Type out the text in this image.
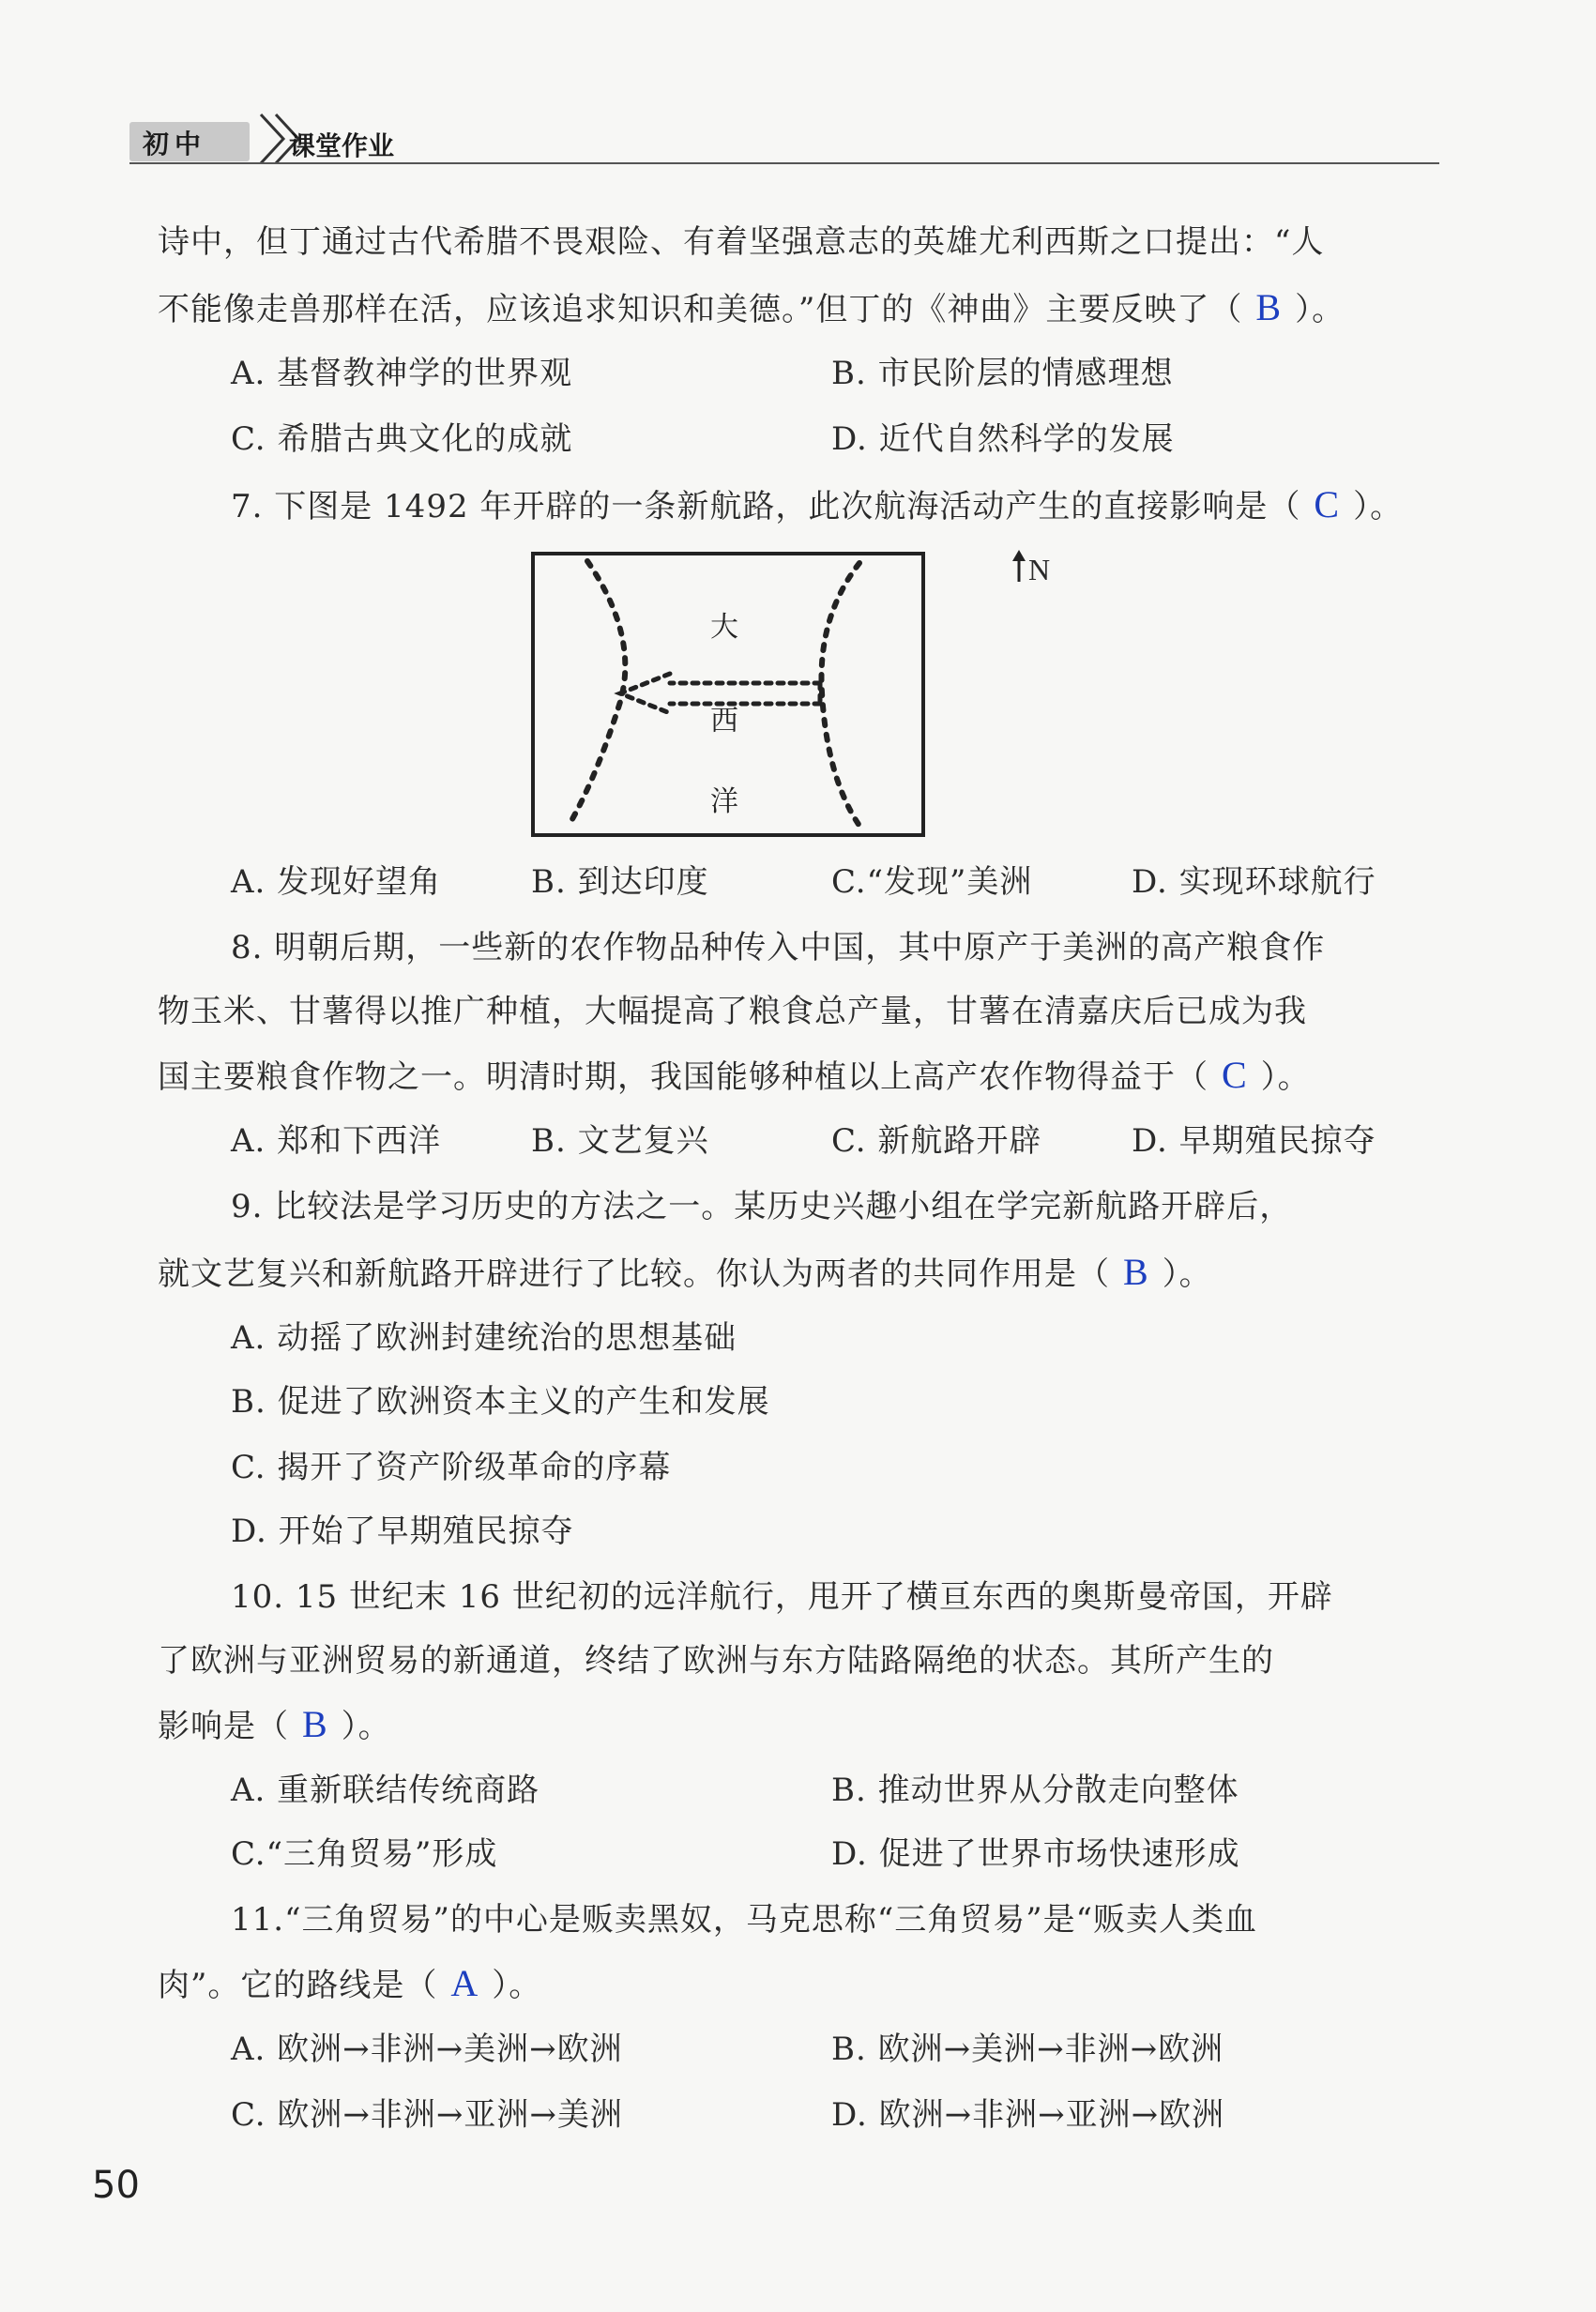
初中	课堂作业
诗中，但丁通过古代希腊不畏艰险、有着坚强意志的英雄尤利西斯之口提出：“人
不能像走兽那样在活，应该追求知识和美德。”但丁的《神曲》主要反映了（ B ）。
A. 基督教神学的世界观	B. 市民阶层的情感理想
C. 希腊古典文化的成就	D. 近代自然科学的发展
7. 下图是 1492 年开辟的一条新航路，此次航海活动产生的直接影响是（ C ）。
大
西
洋
N
A. 发现好望角	B. 到达印度	C.“发现”美洲	D. 实现环球航行
8. 明朝后期，一些新的农作物品种传入中国，其中原产于美洲的高产粮食作
物玉米、甘薯得以推广种植，大幅提高了粮食总产量，甘薯在清嘉庆后已成为我
国主要粮食作物之一。明清时期，我国能够种植以上高产农作物得益于（ C ）。
A. 郑和下西洋	B. 文艺复兴	C. 新航路开辟	D. 早期殖民掠夺
9. 比较法是学习历史的方法之一。某历史兴趣小组在学完新航路开辟后，
就文艺复兴和新航路开辟进行了比较。你认为两者的共同作用是（ B ）。
A. 动摇了欧洲封建统治的思想基础
B. 促进了欧洲资本主义的产生和发展
C. 揭开了资产阶级革命的序幕
D. 开始了早期殖民掠夺
10. 15 世纪末 16 世纪初的远洋航行，甩开了横亘东西的奥斯曼帝国，开辟
了欧洲与亚洲贸易的新通道，终结了欧洲与东方陆路隔绝的状态。其所产生的
影响是（ B ）。
A. 重新联结传统商路	B. 推动世界从分散走向整体
C.“三角贸易”形成	D. 促进了世界市场快速形成
11.“三角贸易”的中心是贩卖黑奴，马克思称“三角贸易”是“贩卖人类血
肉”。它的路线是（ A ）。
A. 欧洲→非洲→美洲→欧洲	B. 欧洲→美洲→非洲→欧洲
C. 欧洲→非洲→亚洲→美洲	D. 欧洲→非洲→亚洲→欧洲
50
